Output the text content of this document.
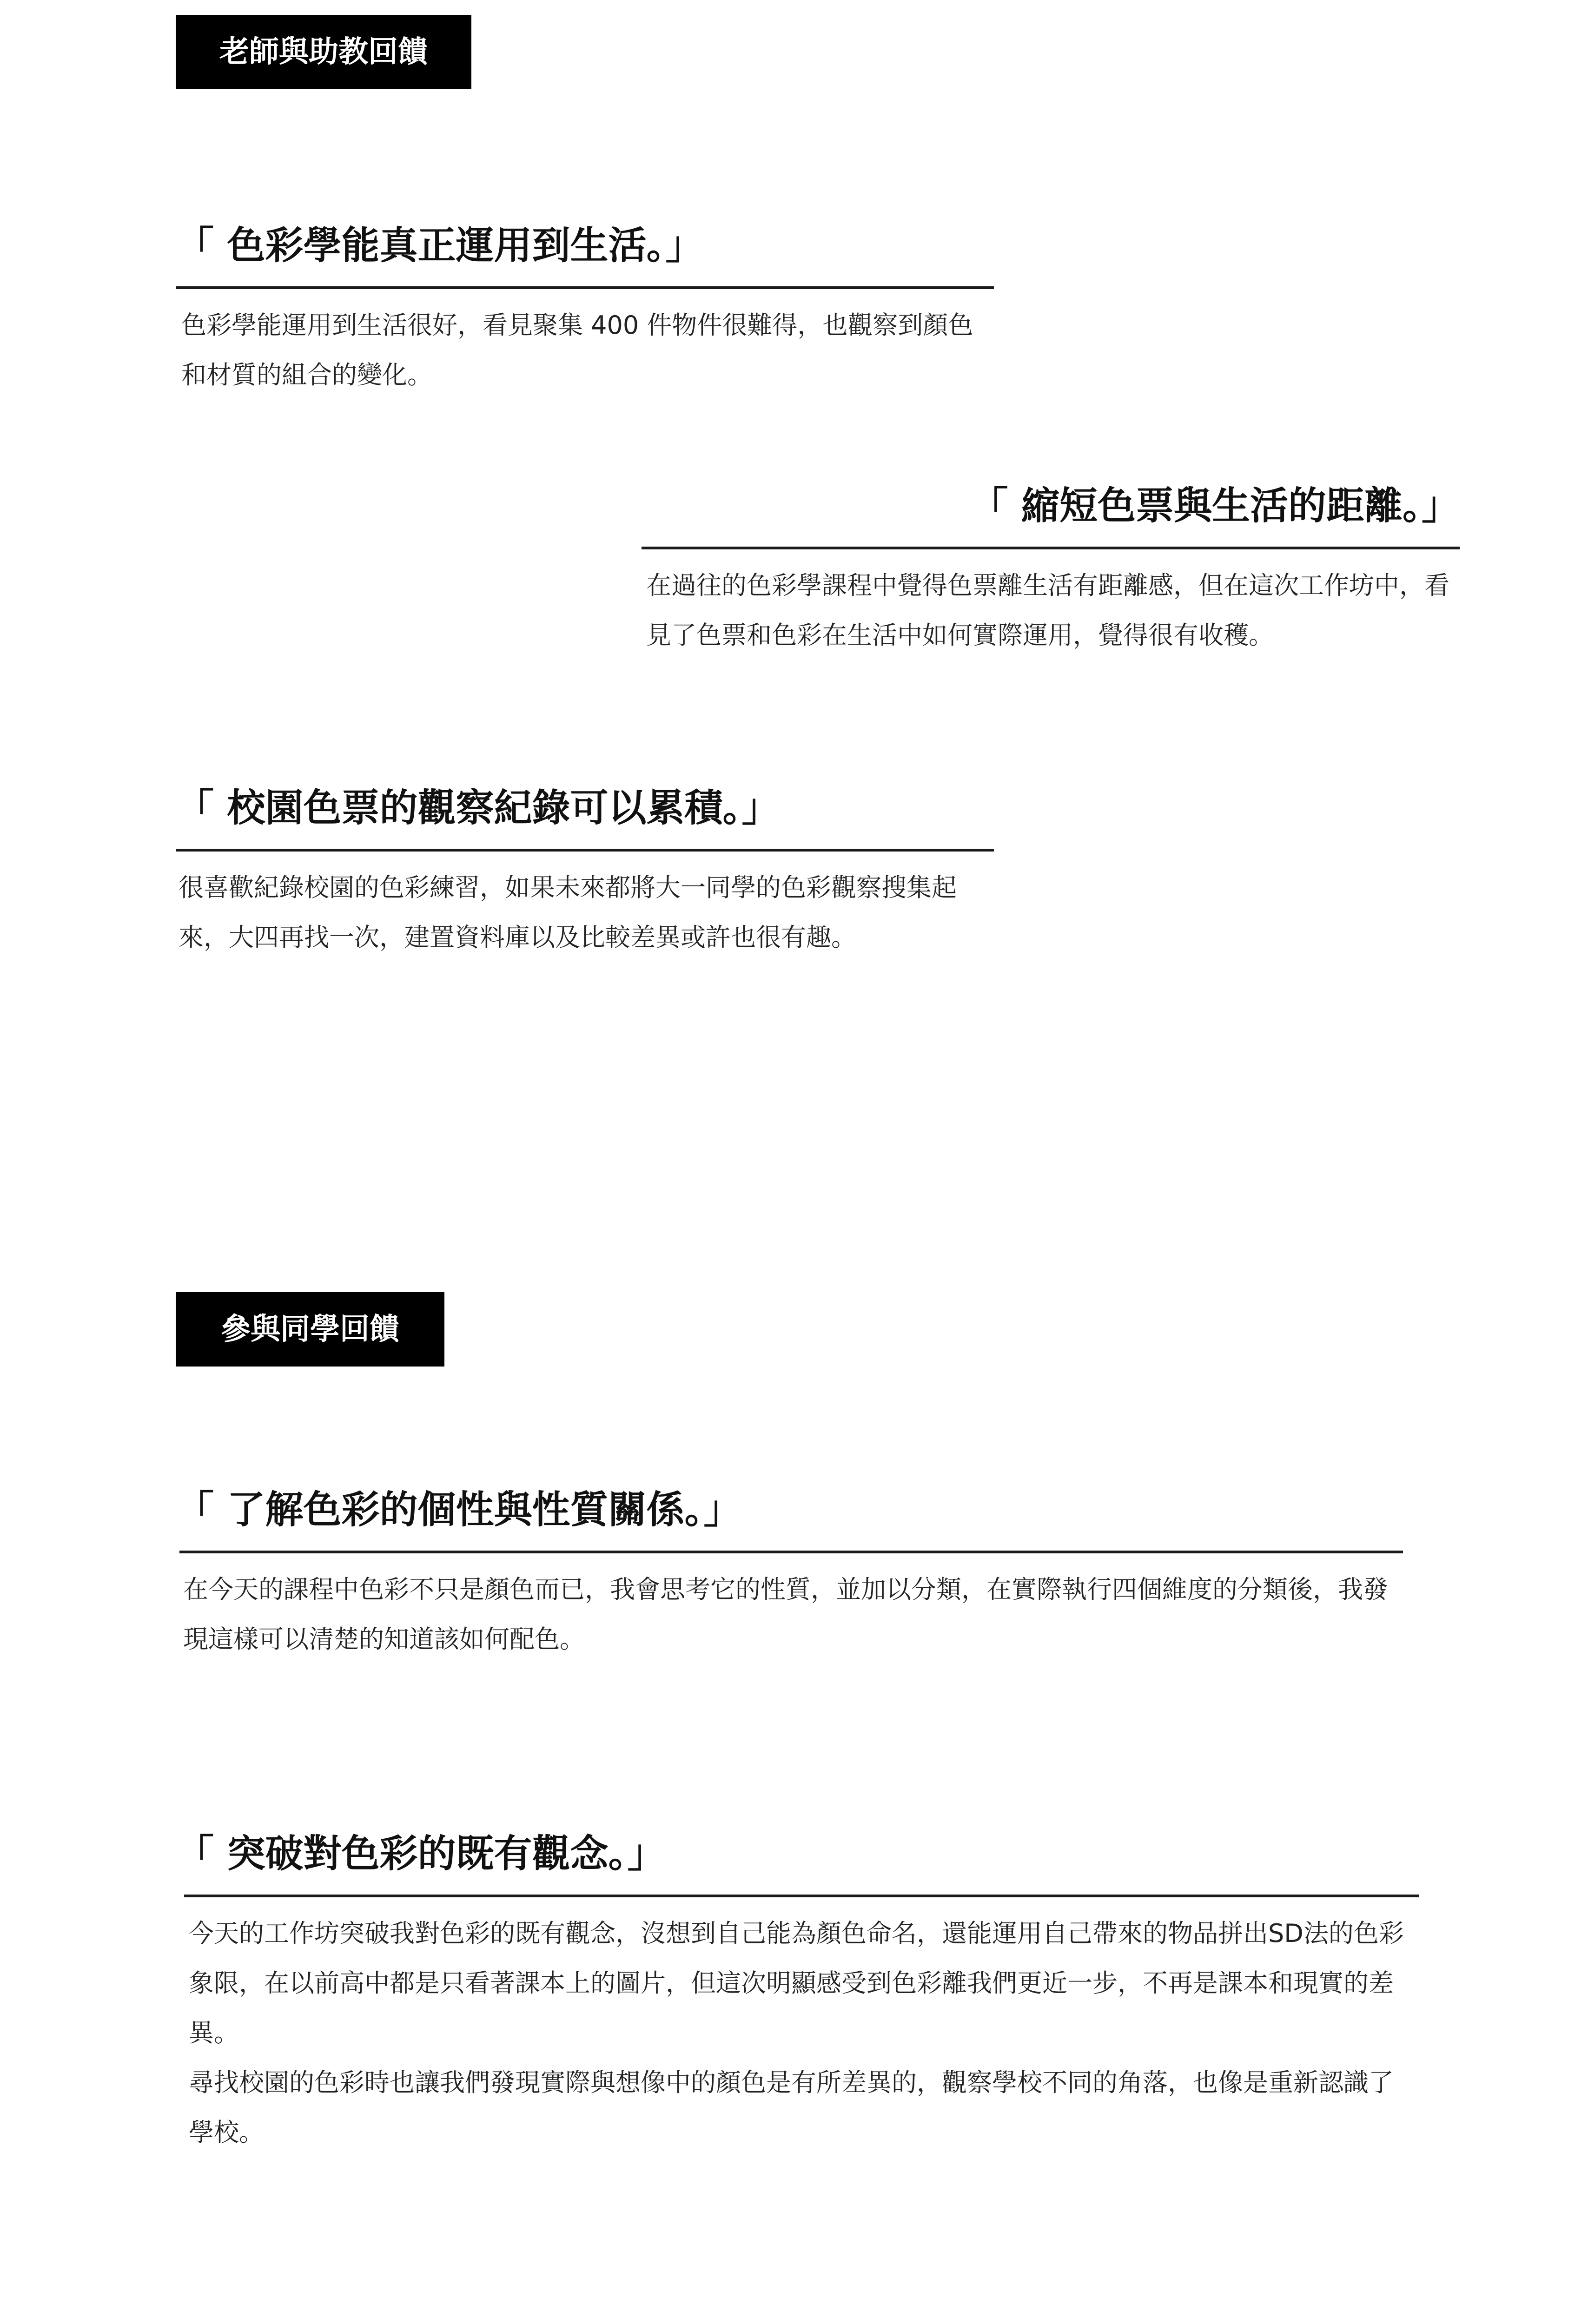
老師與助教回饋
「 色彩學能真正運用到生活。」

色彩學能運用到生活很好，看見聚集 400 件物件很難得，也觀察到顏色和材質的組合的變化。

「 縮短色票與生活的距離。」

在過往的色彩學課程中覺得色票離生活有距離感，但在這次工作坊中，看見了色票和色彩在生活中如何實際運用，覺得很有收穫。

「 校園色票的觀察紀錄可以累積。」

很喜歡紀錄校園的色彩練習，如果未來都將大一同學的色彩觀察搜集起來，大四再找一次，建置資料庫以及比較差異或許也很有趣。

參與同學回饋
「 了解色彩的個性與性質關係。」

在今天的課程中色彩不只是顏色而已，我會思考它的性質，並加以分類，在實際執行四個維度的分類後，我發現這樣可以清楚的知道該如何配色。

「 突破對色彩的既有觀念。」

今天的工作坊突破我對色彩的既有觀念，沒想到自己能為顏色命名，還能運用自己帶來的物品拼出SD法的色彩象限，在以前高中都是只看著課本上的圖片，但這次明顯感受到色彩離我們更近一步，不再是課本和現實的差異。

尋找校園的色彩時也讓我們發現實際與想像中的顏色是有所差異的，觀察學校不同的角落，也像是重新認識了學校。
